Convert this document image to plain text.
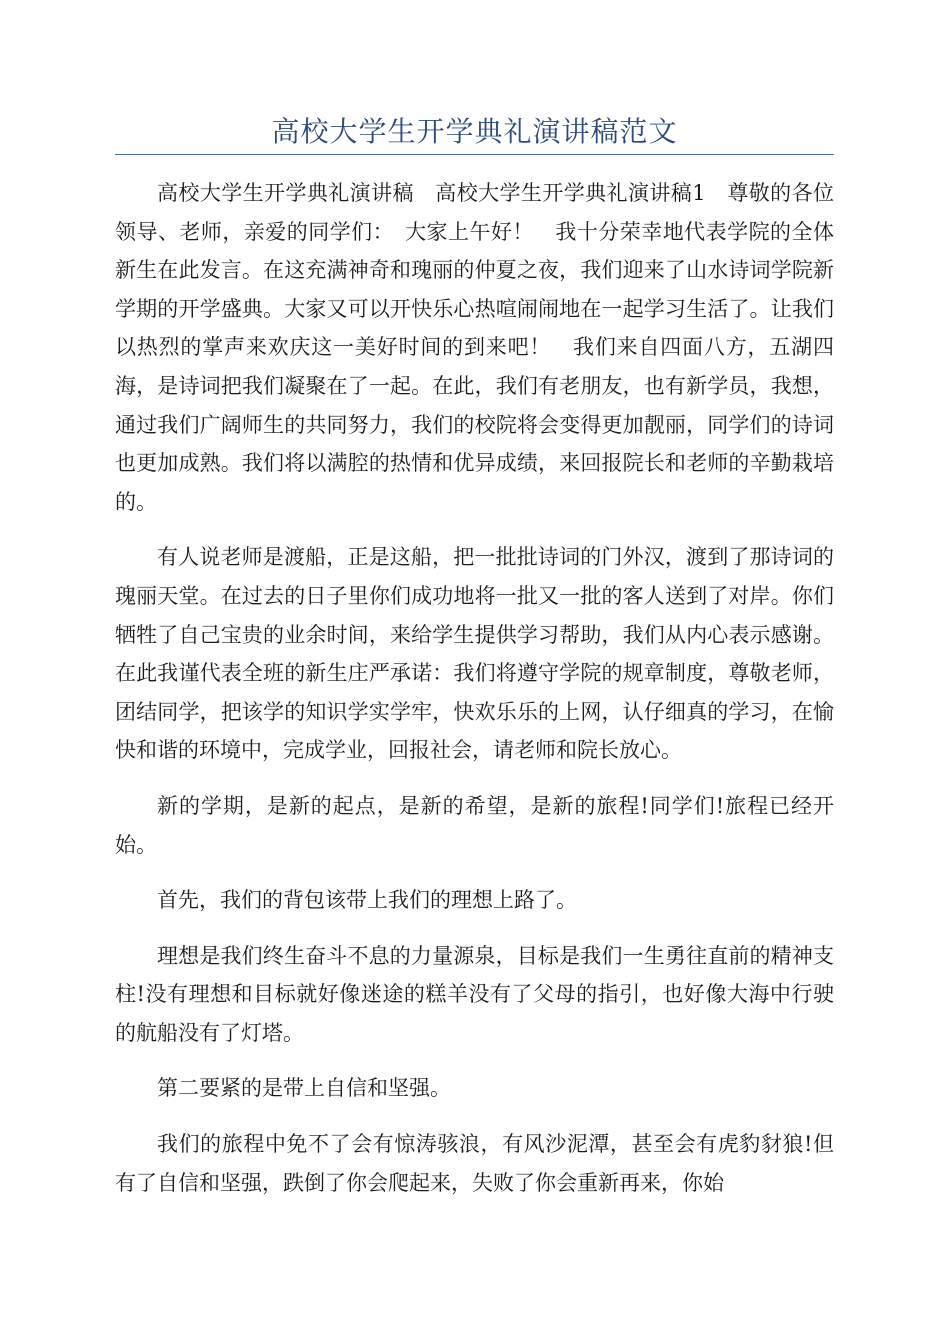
高校大学生开学典礼演讲稿范文

高校大学生开学典礼演讲稿　高校大学生开学典礼演讲稿1　尊敬的各位领导、老师，亲爱的同学们：　大家上午好！　我十分荣幸地代表学院的全体新生在此发言。在这充满神奇和瑰丽的仲夏之夜，我们迎来了山水诗词学院新学期的开学盛典。大家又可以开快乐心热喧闹闹地在一起学习生活了。让我们以热烈的掌声来欢庆这一美好时间的到来吧！　我们来自四面八方，五湖四海，是诗词把我们凝聚在了一起。在此，我们有老朋友，也有新学员，我想，通过我们广阔师生的共同努力，我们的校院将会变得更加靓丽，同学们的诗词也更加成熟。我们将以满腔的热情和优异成绩，来回报院长和老师的辛勤栽培的。

有人说老师是渡船，正是这船，把一批批诗词的门外汉，渡到了那诗词的瑰丽天堂。在过去的日子里你们成功地将一批又一批的客人送到了对岸。你们牺牲了自己宝贵的业余时间，来给学生提供学习帮助，我们从内心表示感谢。在此我谨代表全班的新生庄严承诺：我们将遵守学院的规章制度，尊敬老师，团结同学，把该学的知识学实学牢，快欢乐乐的上网，认仔细真的学习，在愉快和谐的环境中，完成学业，回报社会，请老师和院长放心。

新的学期，是新的起点，是新的希望，是新的旅程!同学们!旅程已经开始。

首先，我们的背包该带上我们的理想上路了。

理想是我们终生奋斗不息的力量源泉，目标是我们一生勇往直前的精神支柱!没有理想和目标就好像迷途的糕羊没有了父母的指引，也好像大海中行驶的航船没有了灯塔。

第二要紧的是带上自信和坚强。

我们的旅程中免不了会有惊涛骇浪，有风沙泥潭，甚至会有虎豹豺狼!但有了自信和坚强，跌倒了你会爬起来，失败了你会重新再来，你始
